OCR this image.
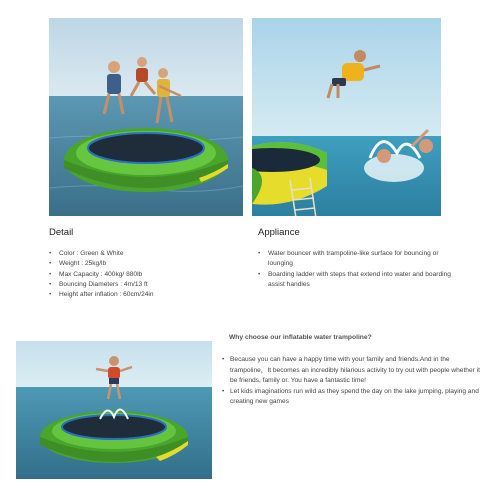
Detail
• Color : Green & White
• Weight : 25kg/lb
• Max Capacity : 400kg/ 880lb
• Bouncing Diameters : 4m/13 ft
• Height after inflation : 60cm/24in
Appliance
• Water bouncer with trampoline-like surface for bouncing or lounging
• Boarding ladder with steps that extend into water and boarding assist handles
Why choose our inflatable water trampoline?
• Because you can have a happy time with your family and friends.And in the trampoline，It becomes an incredibly hilarious activity to try out with people whether it be friends, family or. You have a fantastic time!
• Let kids imaginations run wild as they spend the day on the lake jumping, playing and creating new games
